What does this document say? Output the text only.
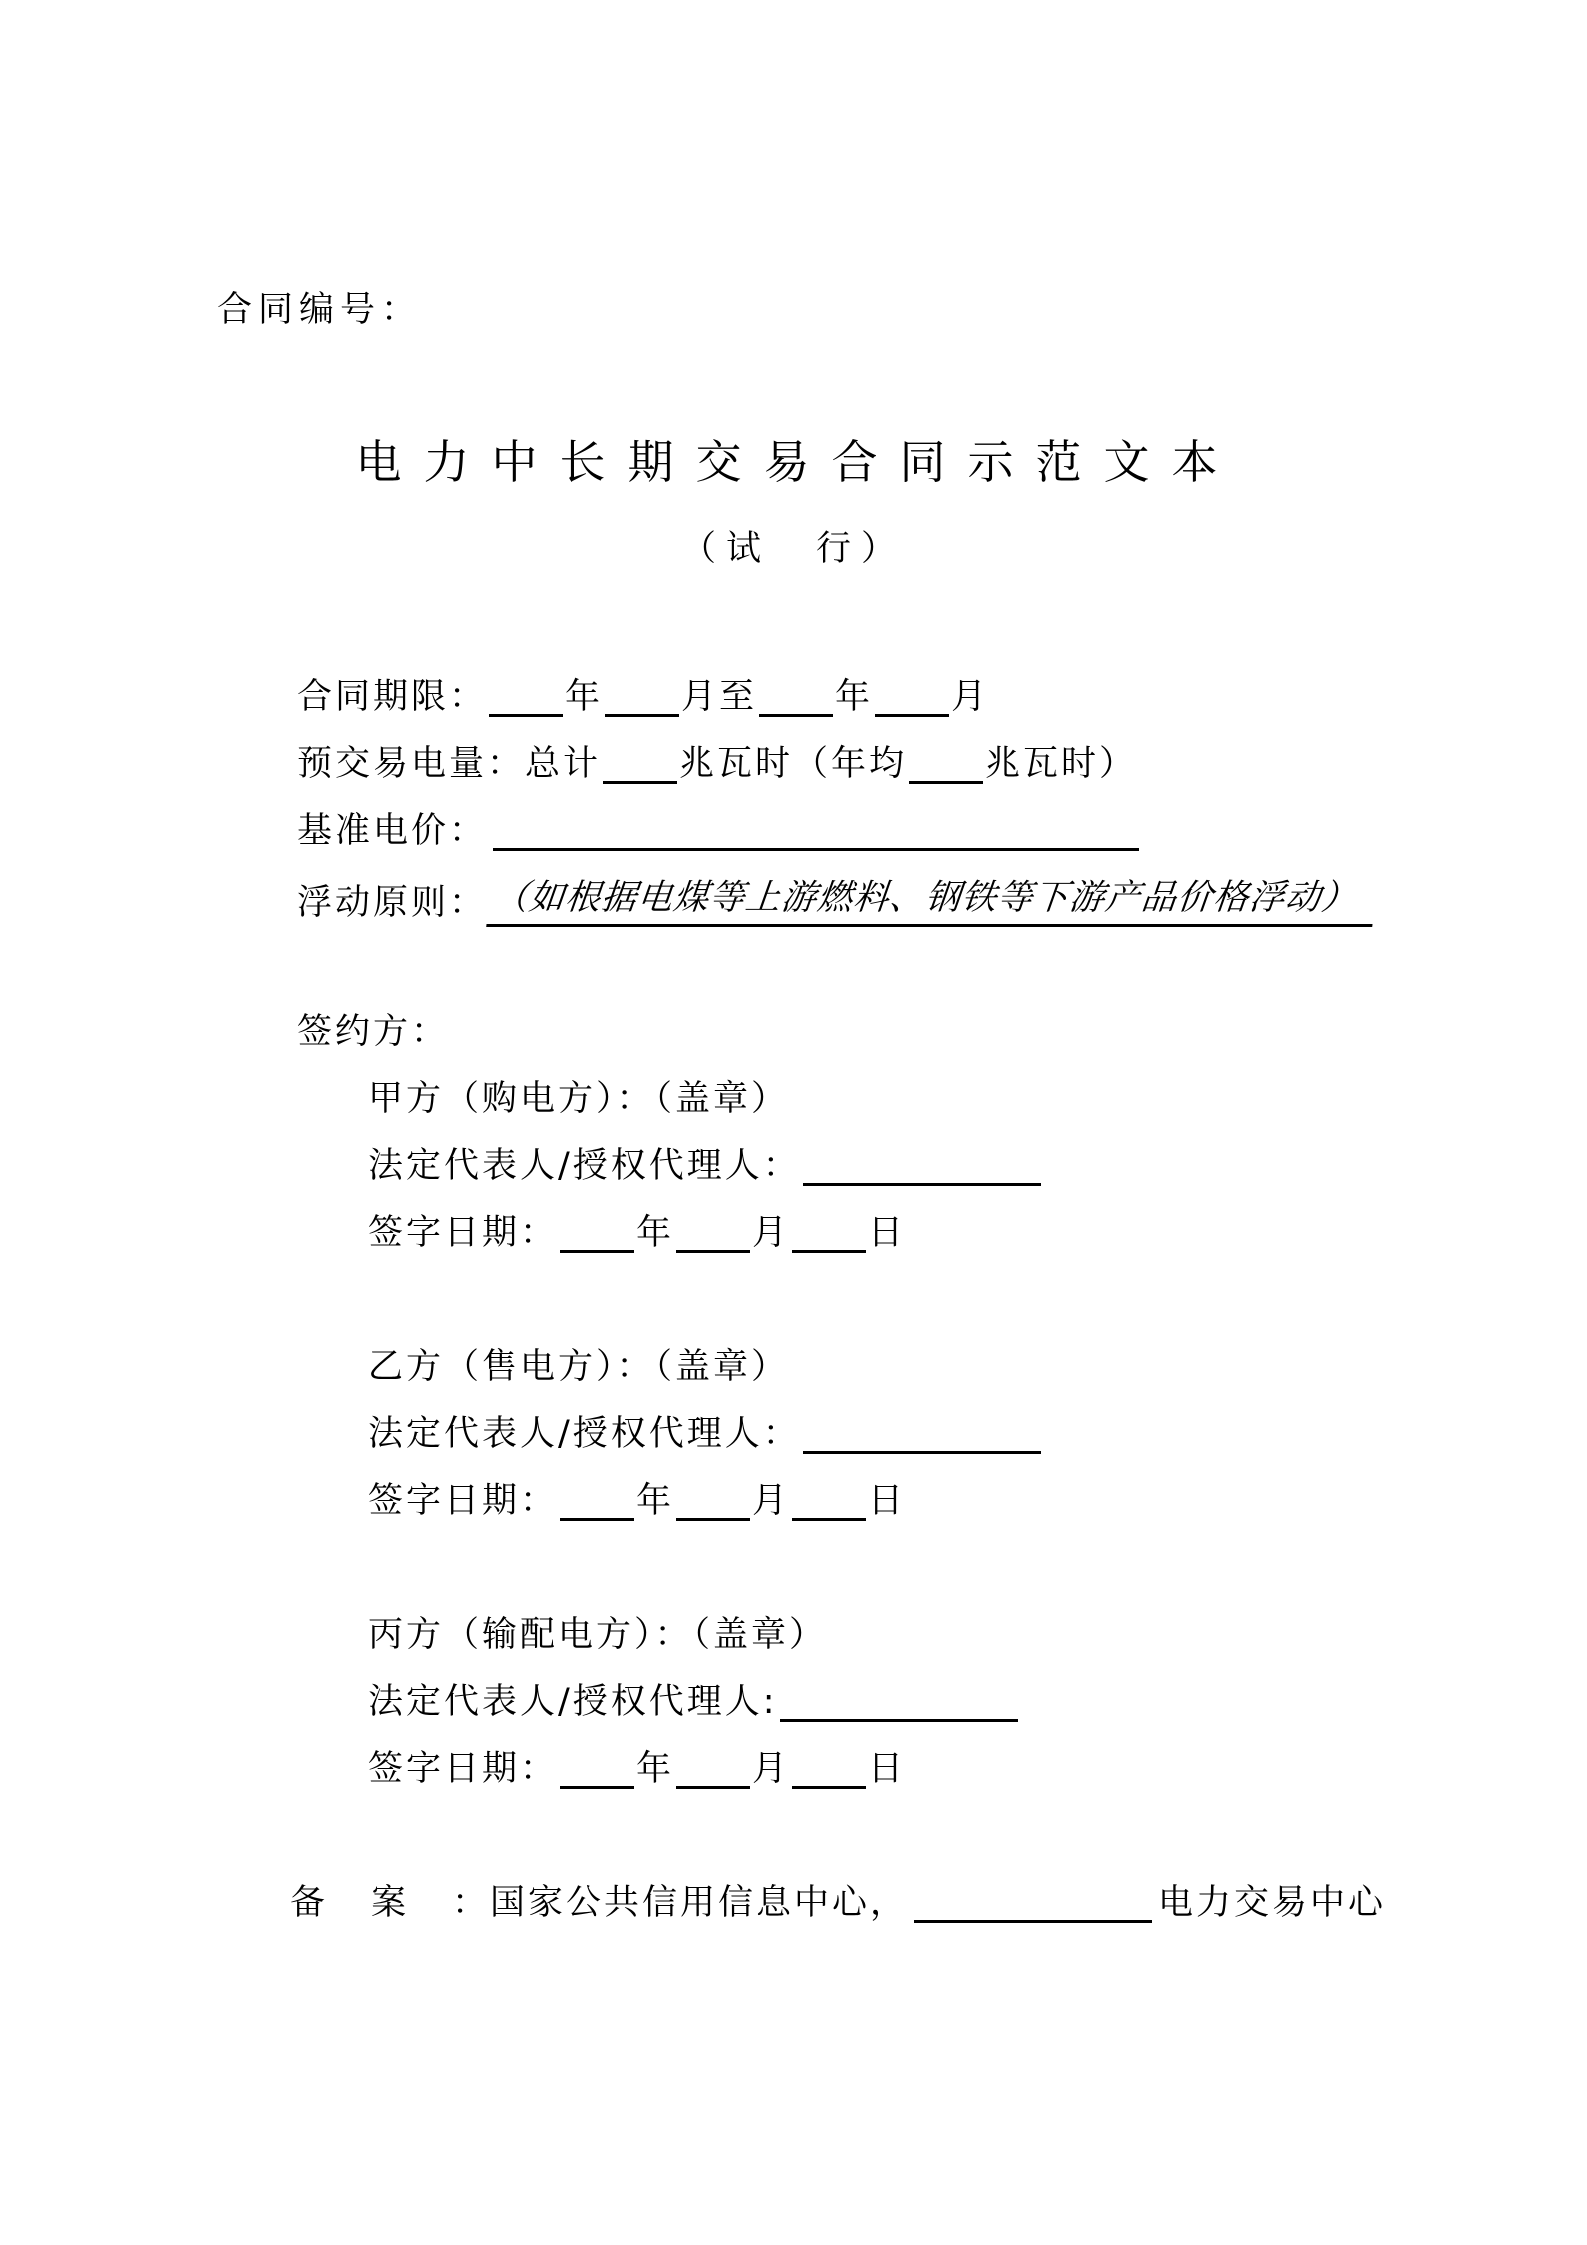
合同编号：
电力中长期交易合同示范文本
（试　行）
合同期限： 年 月至 年 月
预交易电量： 总计 兆瓦时（年均 兆瓦时）
基准电价：
浮动原则： （如根据电煤等上游燃料、钢铁等下游产品价格浮动）
签约方：
甲方（购电方）：（盖章）
法定代表人/授权代理人：
签字日期： 年 月 日
乙方（售电方）：（盖章）
法定代表人/授权代理人：
签字日期： 年 月 日
丙方（输配电方）：（盖章）
法定代表人/授权代理人:
签字日期： 年 月 日
备案 ： 国家公共信用信息中心，	电力交易中心
